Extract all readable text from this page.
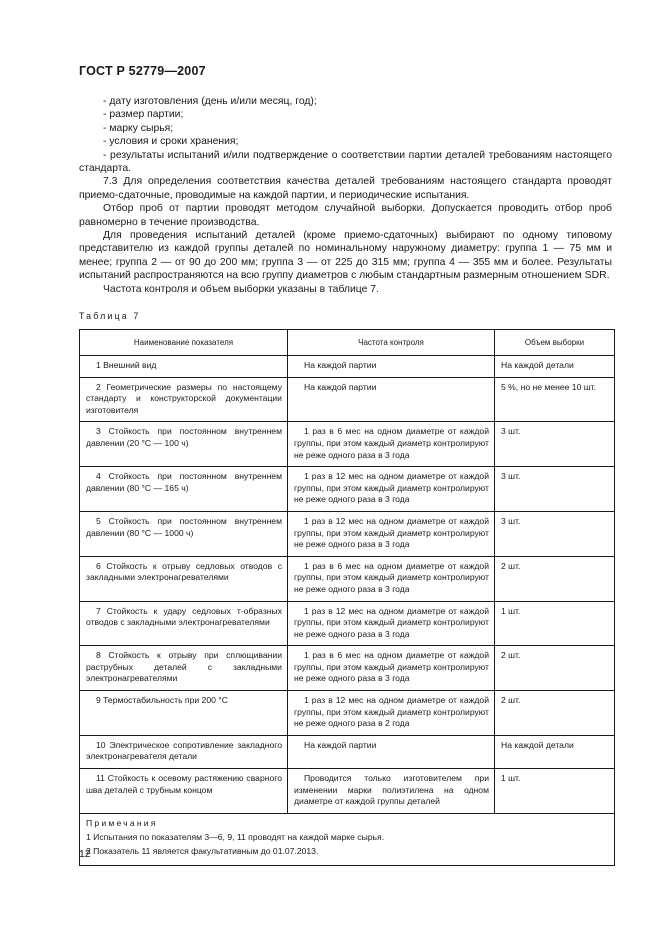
ГОСТ Р 52779—2007

- дату изготовления (день и/или месяц, год);

- размер партии;

- марку сырья;

- условия и сроки хранения;

- результаты испытаний и/или подтверждение о соответствии партии деталей требованиям настоящего стандарта.

7.3 Для определения соответствия качества деталей требованиям настоящего стандарта проводят приемо-сдаточные, проводимые на каждой партии, и периодические испытания.

Отбор проб от партии проводят методом случайной выборки. Допускается проводить отбор проб равномерно в течение производства.

Для проведения испытаний деталей (кроме приемо-сдаточных) выбирают по одному типовому представителю из каждой группы деталей по номинальному наружному диаметру: группа 1 — 75 мм и менее; группа 2 — от 90 до 200 мм; группа 3 — от 225 до 315 мм; группа 4 — 355 мм и более. Результаты испытаний распространяются на всю группу диаметров с любым стандартным размерным отношением SDR.

Частота контроля и объем выборки указаны в таблице 7.

Таблица 7
Наименование показателя	Частота контроля	Объем выборки
1 Внешний вид	На каждой партии	На каждой детали
2 Геометрические размеры по настоящему стандарту и конструкторской документации изготовителя	На каждой партии	5 %, но не менее 10 шт.
3 Стойкость при постоянном внутреннем давлении (20 °С — 100 ч)	1 раз в 6 мес на одном диаметре от каждой группы, при этом каждый диаметр контролируют не реже одного раза в 3 года	3 шт.
4 Стойкость при постоянном внутреннем давлении (80 °С — 165 ч)	1 раз в 12 мес на одном диаметре от каждой группы, при этом каждый диаметр контролируют не реже одного раза в 3 года	3 шт.
5 Стойкость при постоянном внутреннем давлении (80 °С — 1000 ч)	1 раз в 12 мес на одном диаметре от каждой группы, при этом каждый диаметр контролируют не реже одного раза в 3 года	3 шт.
6 Стойкость к отрыву седловых отводов с закладными электронагревателями	1 раз в 6 мес на одном диаметре от каждой группы, при этом каждый диаметр контролируют не реже одного раза в 3 года	2 шт.
7 Стойкость к удару седловых т-образных отводов с закладными электронагревателями	1 раз в 12 мес на одном диаметре от каждой группы, при этом каждый диаметр контролируют не реже одного раза в 3 года	1 шт.
8 Стойкость к отрыву при сплющивании раструбных деталей с закладными электронагревателями	1 раз в 6 мес на одном диаметре от каждой группы, при этом каждый диаметр контролируют не реже одного раза в 3 года	2 шт.
9 Термостабильность при 200 °С	1 раз в 12 мес на одном диаметре от каждой группы, при этом каждый диаметр контролируют не реже одного раза в 2 года	2 шт.
10 Электрическое сопротивление закладного электронагревателя детали	На каждой партии	На каждой детали
11 Стойкость к осевому растяжению сварного шва деталей с трубным концом	Проводится только изготовителем при изменении марки полиэтилена на одном диаметре от каждой группы деталей	1 шт.

Примечания
1 Испытания по показателям 3—6, 9, 11 проводят на каждой марке сырья.
2 Показатель 11 является факультативным до 01.07.2013.		
12
